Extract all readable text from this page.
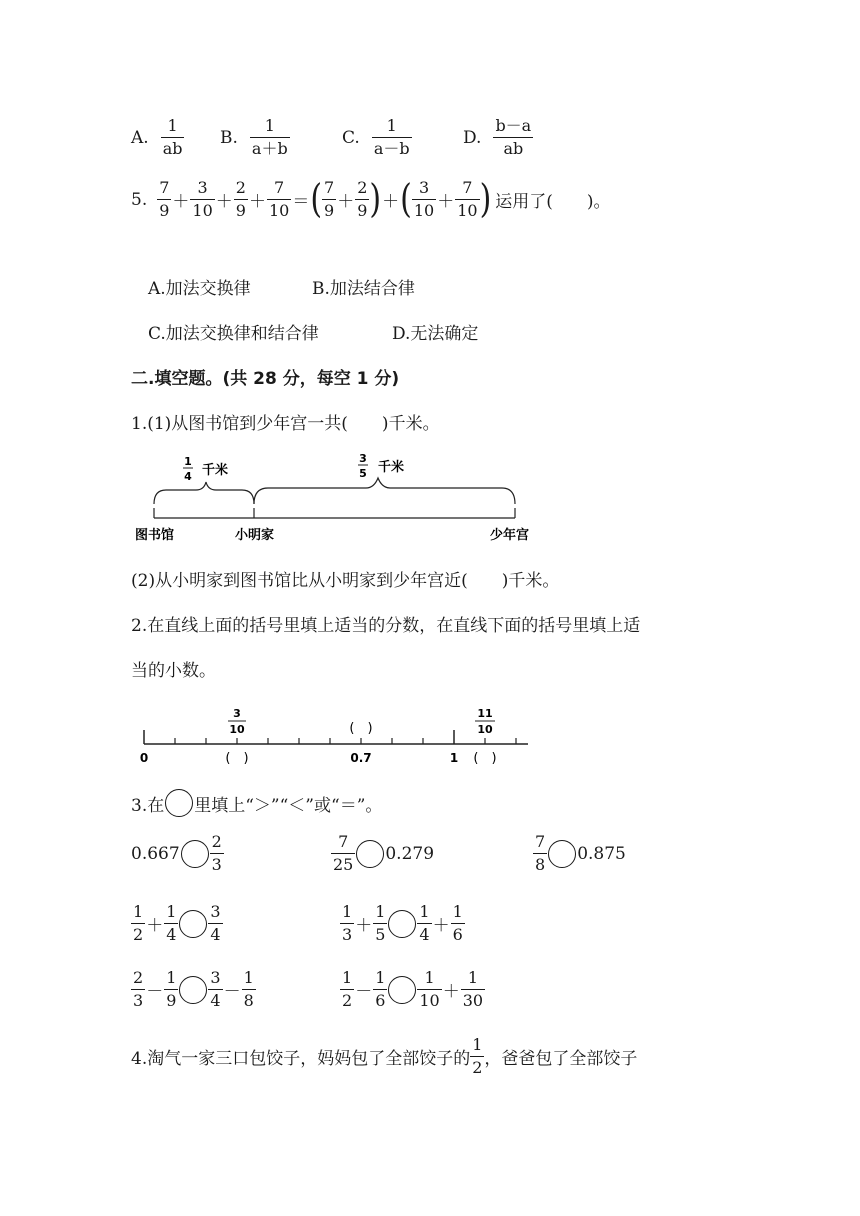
A. $\frac{1}{ab} B$. $\frac{1}{a+b}$	C. $\frac{1}{a-b}$	D. $\frac{b-a}{ab}$
5. $\frac{7}{9} + \frac{3}{10} + \frac{2}{9} + \frac{7}{10}$ ＝ ( $\frac{7}{9} + \frac{2}{9}$ ) ＋ ( $\frac{3}{10} + \frac{7}{10}$ ) 运用了(　　)。
A.加法交换律	B.加法结合律
C.加法交换律和结合律	D.无法确定
二.填空题。(共 28 分，每空 1 分)
1.(1)从图书馆到少年宫一共(　　)千米。
1
4 千米
3
5 千米
图书馆	小明家	少年宫
(2)从小明家到图书馆比从小明家到少年宫近(　　)千米。
2.在直线上面的括号里填上适当的分数，在直线下面的括号里填上适
当的小数。
3
10	(　)
11
10
0	(　)	0.7	1 (　)
3.在 里填上“＞”“＜”或“＝”。
$0.667 \frac{2}{3}$	$\frac{7}{25} 0.279$	$\frac{7}{8} 0.875$
$\frac{1}{2} + \frac{1}{4} \frac{3}{4}$	$\frac{1}{3} + \frac{1}{5} \frac{1}{4} + \frac{1}{6}$
$\frac{2}{3} - \frac{1}{9} \frac{3}{4} - \frac{1}{8}$	$\frac{1}{2} - \frac{1}{6} \frac{1}{10} + \frac{1}{30}$
4.淘气一家三口包饺子，妈妈包了全部饺子的 $\frac{1}{2}$ ，爸爸包了全部饺子
